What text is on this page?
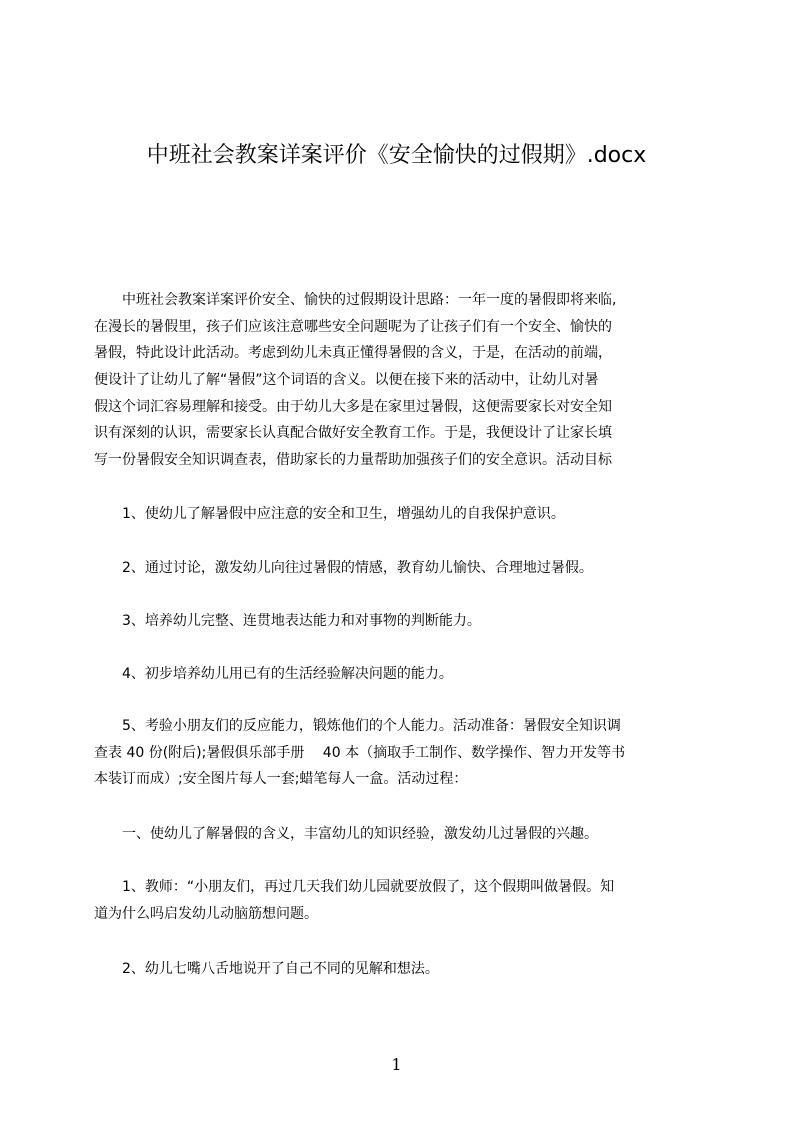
中班社会教案详案评价《安全愉快的过假期》.docx
　　中班社会教案详案评价安全、愉快的过假期设计思路：一年一度的暑假即将来临,
在漫长的暑假里，孩子们应该注意哪些安全问题呢为了让孩子们有一个安全、愉快的
暑假，特此设计此活动。考虑到幼儿未真正懂得暑假的含义，于是，在活动的前端，
便设计了让幼儿了解“暑假”这个词语的含义。以便在接下来的活动中，让幼儿对暑
假这个词汇容易理解和接受。由于幼儿大多是在家里过暑假，这便需要家长对安全知
识有深刻的认识，需要家长认真配合做好安全教育工作。于是，我便设计了让家长填
写一份暑假安全知识调查表，借助家长的力量帮助加强孩子们的安全意识。活动目标
　　1、使幼儿了解暑假中应注意的安全和卫生，增强幼儿的自我保护意识。
　　2、通过讨论，激发幼儿向往过暑假的情感，教育幼儿愉快、合理地过暑假。
　　3、培养幼儿完整、连贯地表达能力和对事物的判断能力。
　　4、初步培养幼儿用已有的生活经验解决问题的能力。
　　5、考验小朋友们的反应能力，锻炼他们的个人能力。活动准备：暑假安全知识调
查表 40 份(附后);暑假俱乐部手册　 40 本（摘取手工制作、数学操作、智力开发等书
本装订而成）;安全图片每人一套;蜡笔每人一盒。活动过程：
　　一、使幼儿了解暑假的含义，丰富幼儿的知识经验，激发幼儿过暑假的兴趣。
　　1、教师：“小朋友们，再过几天我们幼儿园就要放假了，这个假期叫做暑假。知
道为什么吗启发幼儿动脑筋想问题。
　　2、幼儿七嘴八舌地说开了自己不同的见解和想法。
1
